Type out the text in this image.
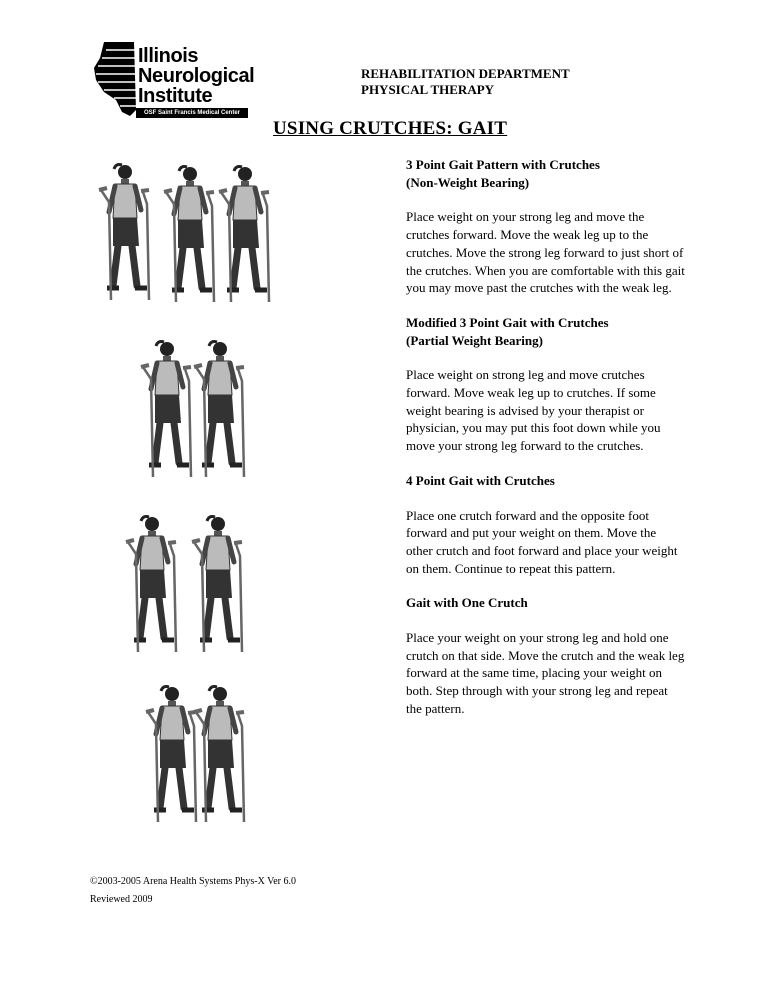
Illinois
Neurological
Institute
OSF Saint Francis Medical Center
REHABILITATION DEPARTMENT
PHYSICAL THERAPY
USING CRUTCHES: GAIT
3 Point Gait Pattern with Crutches
(Non-Weight Bearing)

Place weight on your strong leg and move the crutches forward. Move the weak leg up to the crutches. Move the strong leg forward to just short of the crutches. When you are comfortable with this gait you may move past the crutches with the weak leg.

Modified 3 Point Gait with Crutches
(Partial Weight Bearing)

Place weight on strong leg and move crutches forward. Move weak leg up to crutches. If some weight bearing is advised by your therapist or physician, you may put this foot down while you move your strong leg forward to the crutches.

4 Point Gait with Crutches

Place one crutch forward and the opposite foot forward and put your weight on them. Move the other crutch and foot forward and place your weight on them. Continue to repeat this pattern.

Gait with One Crutch

Place your weight on your strong leg and hold one crutch on that side. Move the crutch and the weak leg forward at the same time, placing your weight on both. Step through with your strong leg and repeat the pattern.

©2003-2005 Arena Health Systems Phys-X Ver 6.0
Reviewed 2009
